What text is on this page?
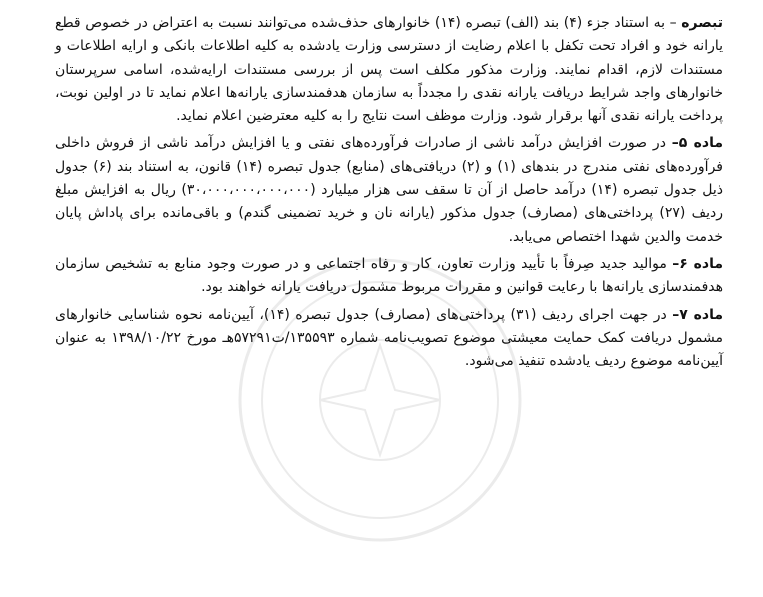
تبصره – به استناد جزء (۴) بند (الف) تبصره (۱۴) خانوارهای حذف‌شده می‌توانند نسبت به اعتراض در خصوص قطع یارانه خود و افراد تحت تکفل با اعلام رضایت از دسترسی وزارت یادشده به کلیه اطلاعات بانکی و ارایه اطلاعات و مستندات لازم، اقدام نمایند. وزارت مذکور مکلف است پس از بررسی مستندات ارایه‌شده، اسامی سرپرستان خانوارهای واجد شرایط دریافت یارانه نقدی را مجدداً به سازمان هدفمندسازی یارانه‌ها اعلام نماید تا در اولین نوبت، پرداخت یارانه نقدی آنها برقرار شود. وزارت موظف است نتایج را به کلیه معترضین اعلام نماید.

ماده ۵– در صورت افزایش درآمد ناشی از صادرات فرآورده‌های نفتی و یا افزایش درآمد ناشی از فروش داخلی فرآورده‌های نفتی مندرج در بندهای (۱) و (۲) دریافتی‌های (منابع) جدول تبصره (۱۴) قانون، به استناد بند (۶) جدول ذیل جدول تبصره (۱۴) درآمد حاصل از آن تا سقف سی هزار میلیارد (۳۰،۰۰۰،۰۰۰،۰۰۰،۰۰۰) ریال به افزایش مبلغ ردیف (۲۷) پرداختی‌های (مصارف) جدول مذکور (یارانه نان و خرید تضمینی گندم) و باقی‌مانده برای پاداش پایان خدمت والدین شهدا اختصاص می‌یابد.

ماده ۶– موالید جدید صِرفاً با تأیید وزارت تعاون، کار و رفاه اجتماعی و در صورت وجود منابع به تشخیص سازمان هدفمندسازی یارانه‌ها با رعایت قوانین و مقررات مربوط مشمول دریافت یارانه خواهند بود.

ماده ۷– در جهت اجرای ردیف (۳۱) پرداختی‌های (مصارف) جدول تبصره (۱۴)، آیین‌نامه نحوه شناسایی خانوارهای مشمول دریافت کمک حمایت معیشتی موضوع تصویب‌نامه شماره ۱۳۵۵۹۳/ت۵۷۲۹۱هـ مورخ ۱۳۹۸/۱۰/۲۲ به عنوان آیین‌نامه موضوع ردیف یادشده تنفیذ می‌شود.
